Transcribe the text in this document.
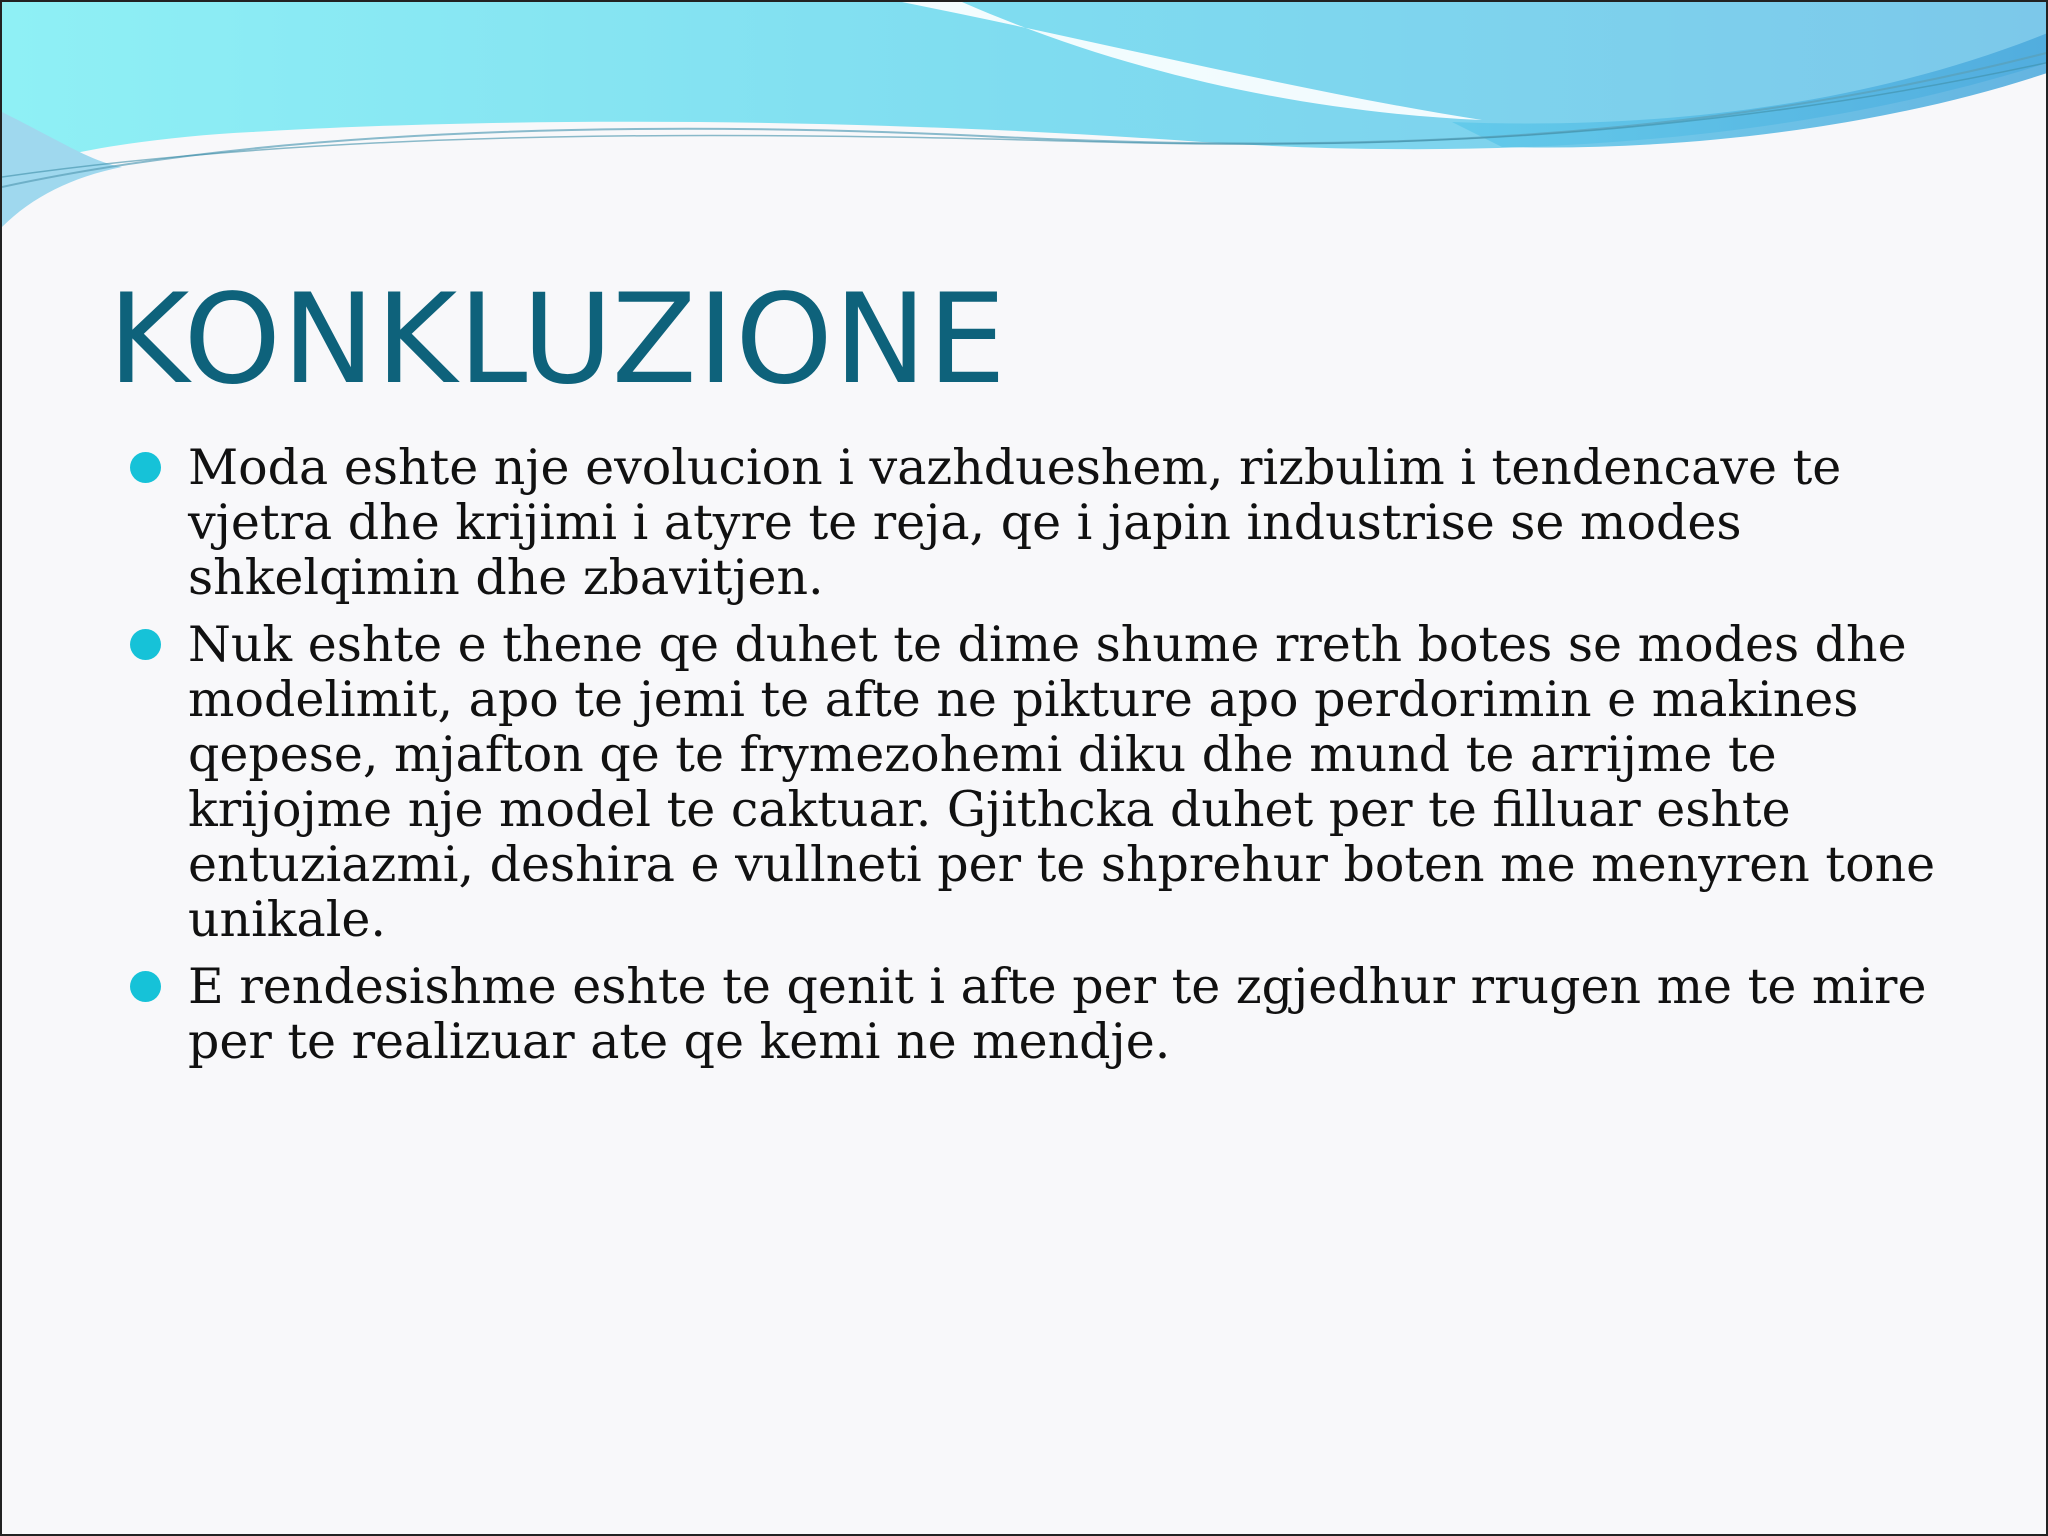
KONKLUZIONE
Moda eshte nje evolucion i vazhdueshem, rizbulim i tendencave te vjetra dhe krijimi i atyre te reja, qe i japin industrise se modes shkelqimin dhe zbavitjen.
Nuk eshte e thene qe duhet te dime shume rreth botes se modes dhe modelimit, apo te jemi te afte ne pikture apo perdorimin e makines qepese, mjafton qe te frymezohemi diku dhe mund te arrijme te krijojme nje model te caktuar. Gjithcka duhet per te filluar eshte entuziazmi, deshira e vullneti per te shprehur boten me menyren tone unikale.
E rendesishme eshte te qenit i afte per te zgjedhur rrugen me te mire per te realizuar ate qe kemi ne mendje.
